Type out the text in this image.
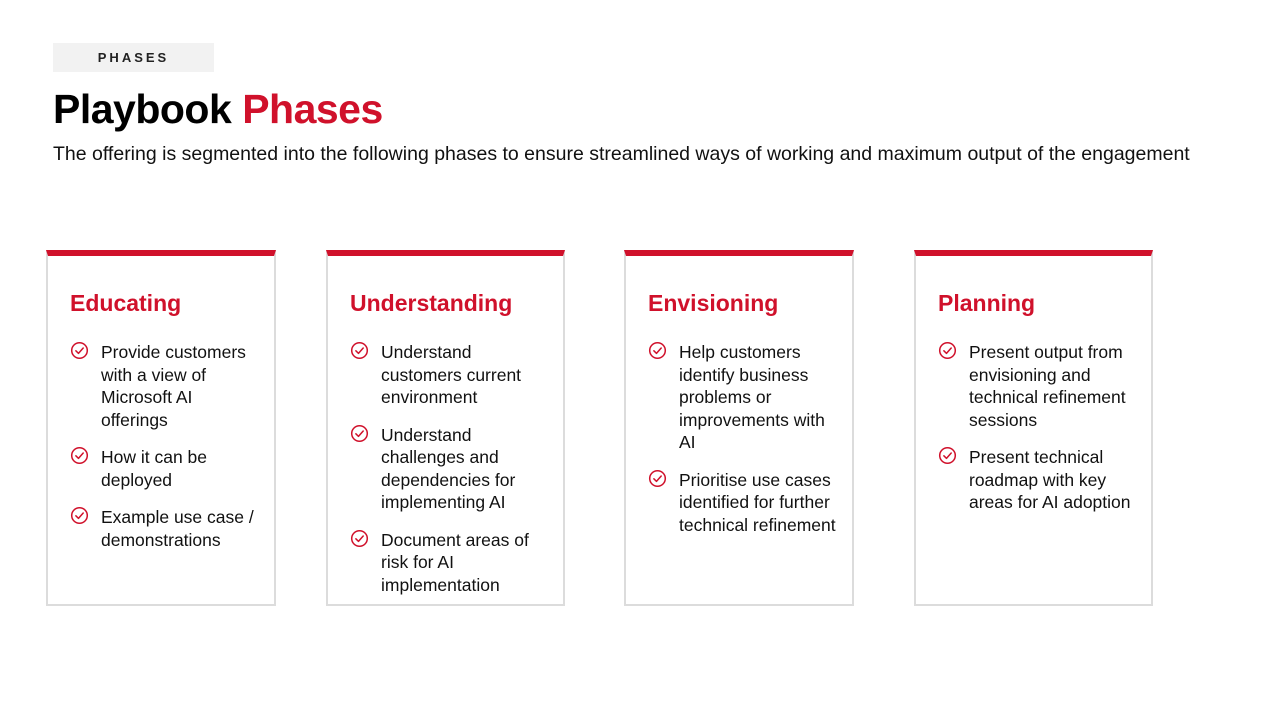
PHASES
Playbook Phases

The offering is segmented into the following phases to ensure streamlined ways of working and maximum output of the engagement

Educating
Provide customers with a view of Microsoft AI offerings
How it can be deployed
Example use case / demonstrations
Understanding
Understand customers current environment
Understand challenges and dependencies for implementing AI
Document areas of risk for AI implementation
Envisioning
Help customers identify business problems or improvements with AI
Prioritise use cases identified for further technical refinement
Planning
Present output from envisioning and technical refinement sessions
Present technical roadmap with key areas for AI adoption
